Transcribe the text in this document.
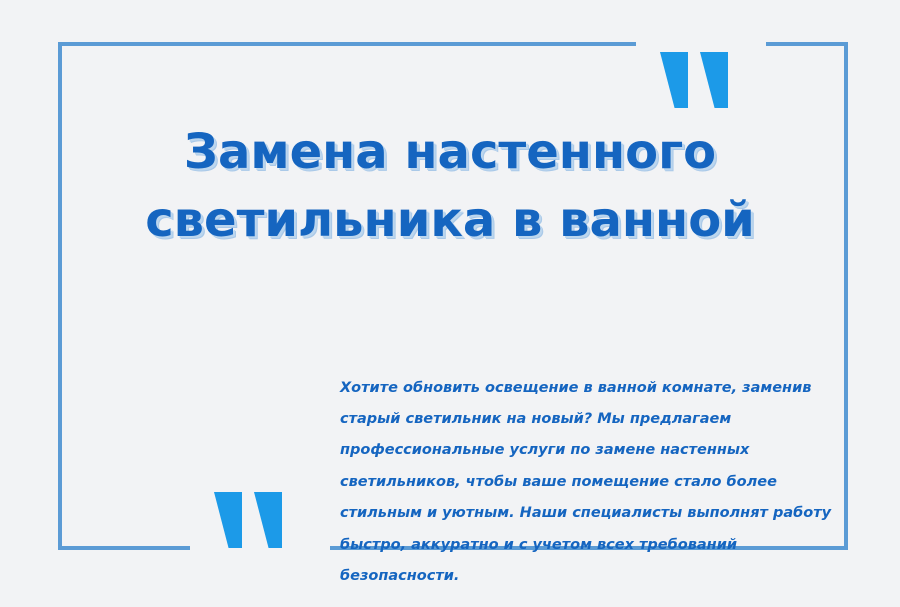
Замена настенного
светильника в ванной

Хотите обновить освещение в ванной комнате, заменив старый светильник на новый? Мы предлагаем профессиональные услуги по замене настенных светильников, чтобы ваше помещение стало более стильным и уютным. Наши специалисты выполнят работу быстро, аккуратно и с учетом всех требований безопасности.
